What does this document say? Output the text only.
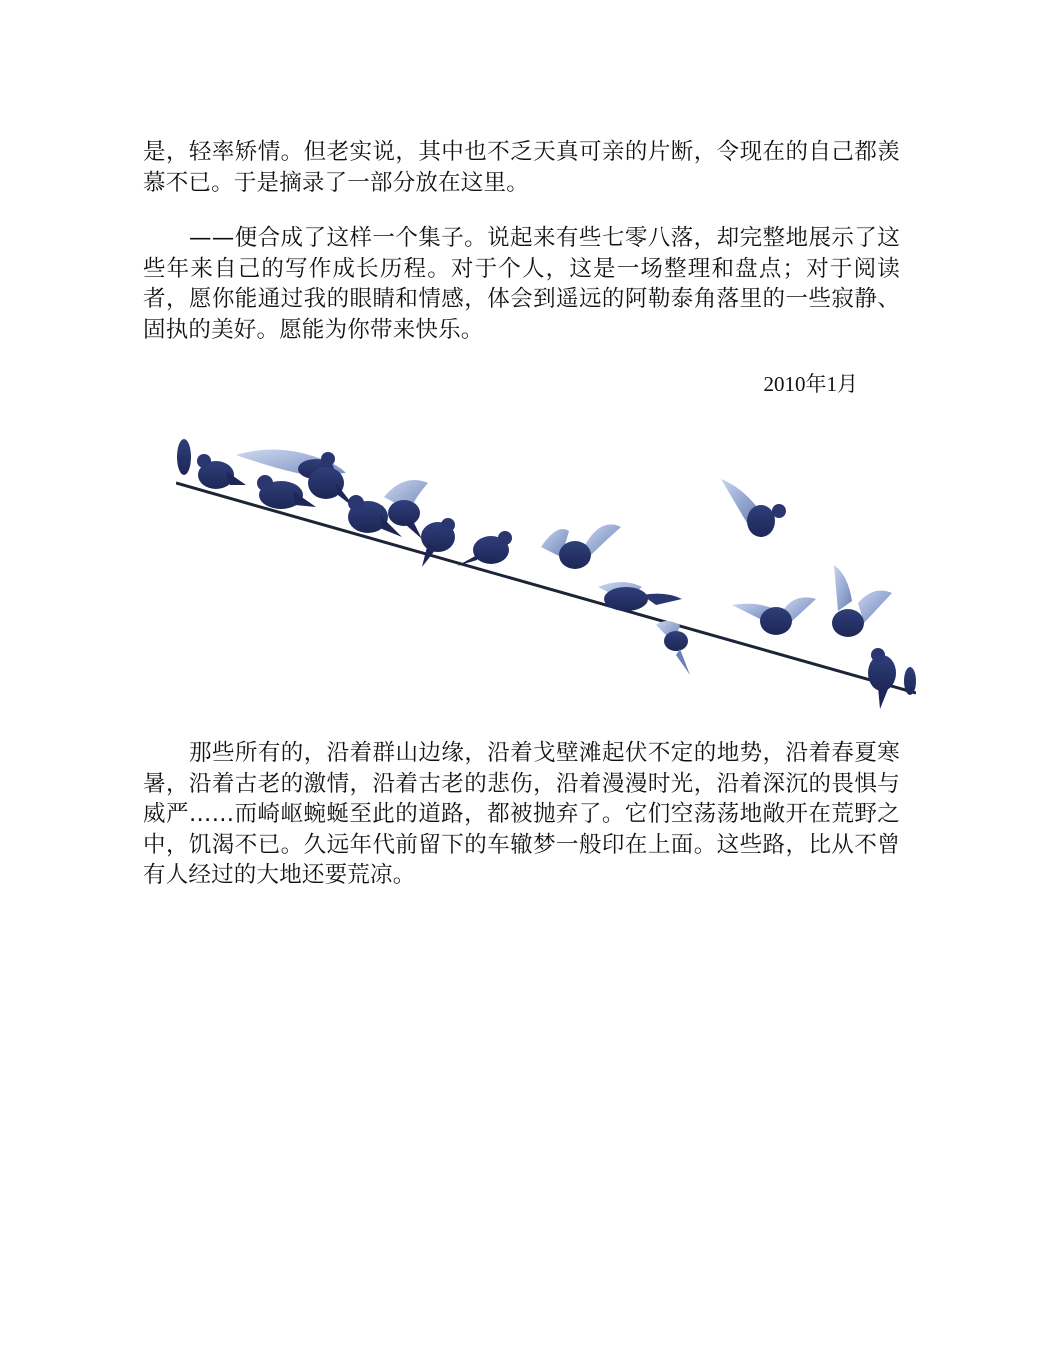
是，轻率矫情。但老实说，其中也不乏天真可亲的片断，令现在的自己都羡慕不已。于是摘录了一部分放在这里。

——便合成了这样一个集子。说起来有些七零八落，却完整地展示了这些年来自己的写作成长历程。对于个人，这是一场整理和盘点；对于阅读者，愿你能通过我的眼睛和情感，体会到遥远的阿勒泰角落里的一些寂静、固执的美好。愿能为你带来快乐。

2010年1月

那些所有的，沿着群山边缘，沿着戈壁滩起伏不定的地势，沿着春夏寒暑，沿着古老的激情，沿着古老的悲伤，沿着漫漫时光，沿着深沉的畏惧与威严……而崎岖蜿蜒至此的道路，都被抛弃了。它们空荡荡地敞开在荒野之中，饥渴不已。久远年代前留下的车辙梦一般印在上面。这些路，比从不曾有人经过的大地还要荒凉。
